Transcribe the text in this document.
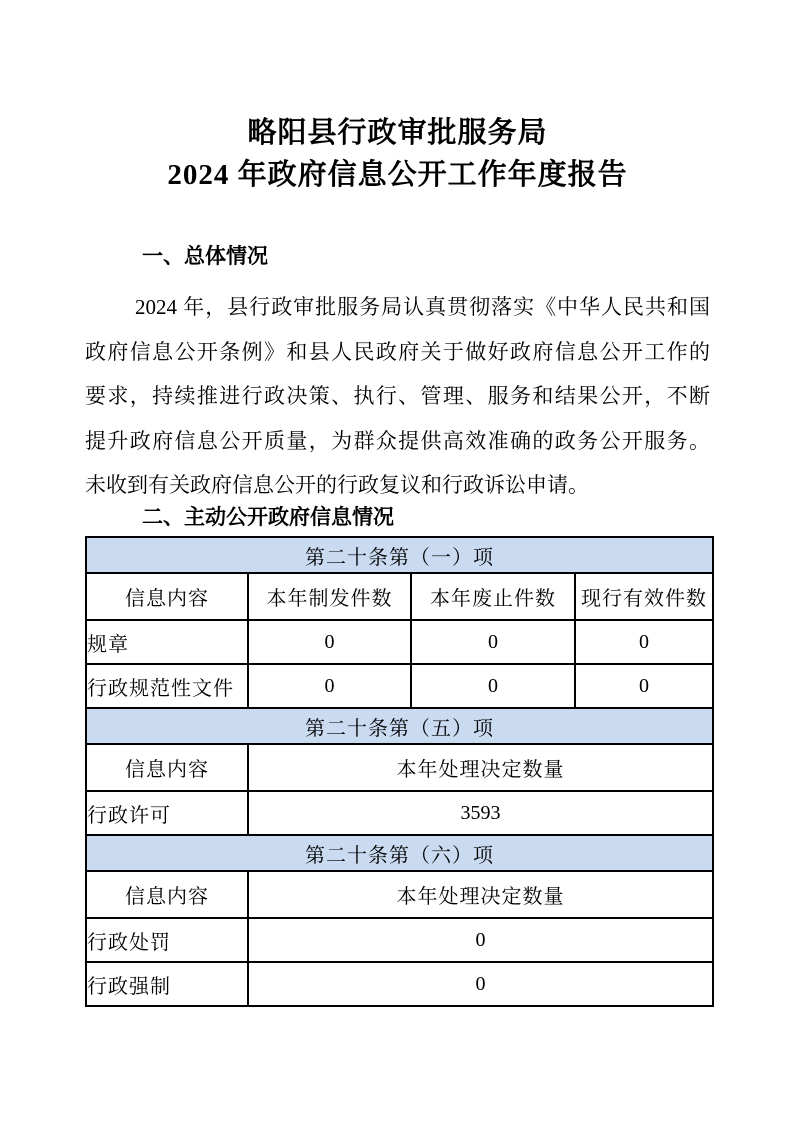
略阳县行政审批服务局
2024 年政府信息公开工作年度报告
一、总体情况
2024 年，县行政审批服务局认真贯彻落实《中华人民共和国
政府信息公开条例》和县人民政府关于做好政府信息公开工作的
要求，持续推进行政决策、执行、管理、服务和结果公开，不断
提升政府信息公开质量，为群众提供高效准确的政务公开服务。
未收到有关政府信息公开的行政复议和行政诉讼申请。
二、主动公开政府信息情况
第二十条第（一）项			
信息内容	本年制发件数	本年废止件数	现行有效件数
规章	0	0	0
行政规范性文件	0	0	0
第二十条第（五）项			
信息内容	本年处理决定数量		
行政许可	3593		
第二十条第（六）项			
信息内容	本年处理决定数量		
行政处罚	0		
行政强制	0		
